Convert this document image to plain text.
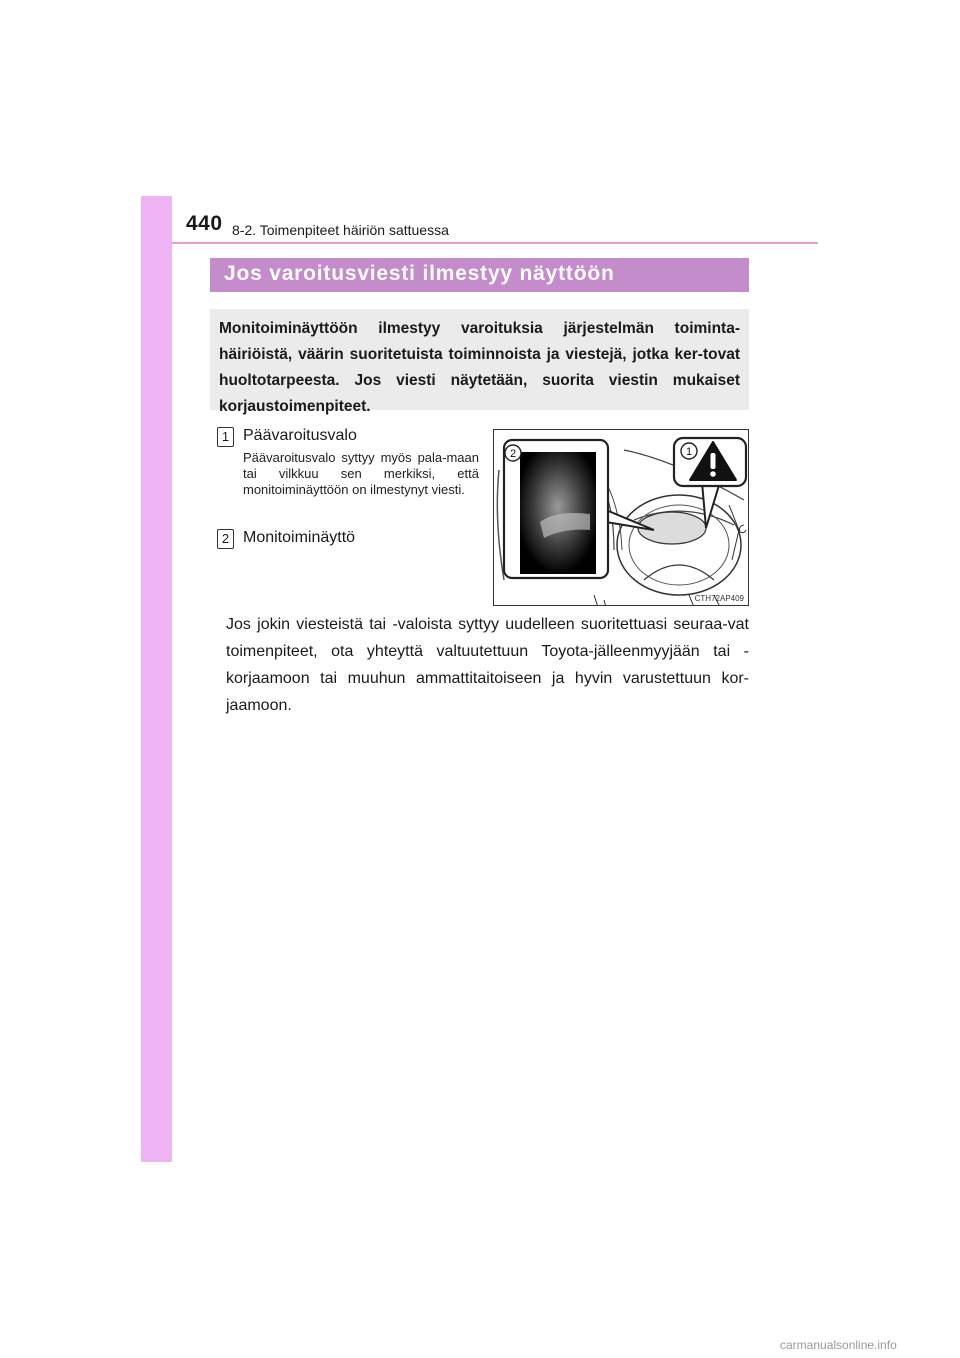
440 8-2. Toimenpiteet häiriön sattuessa
Jos varoitusviesti ilmestyy näyttöön
Monitoiminäyttöön ilmestyy varoituksia järjestelmän toiminta-häiriöistä, väärin suoritetuista toiminnoista ja viestejä, jotka ker-tovat huoltotarpeesta. Jos viesti näytetään, suorita viestin mukaiset korjaustoimenpiteet.
1 Päävaroitusvalo
Päävaroitusvalo syttyy myös pala-maan tai vilkkuu sen merkiksi, että monitoiminäyttöön on ilmestynyt viesti.
2 Monitoiminäyttö
2	1
CTH72AP409
Jos jokin viesteistä tai -valoista syttyy uudelleen suoritettuasi seuraa-vat toimenpiteet, ota yhteyttä valtuutettuun Toyota-jälleenmyyjään tai -korjaamoon tai muuhun ammattitaitoiseen ja hyvin varustettuun kor-jaamoon.
carmanualsonline.info
